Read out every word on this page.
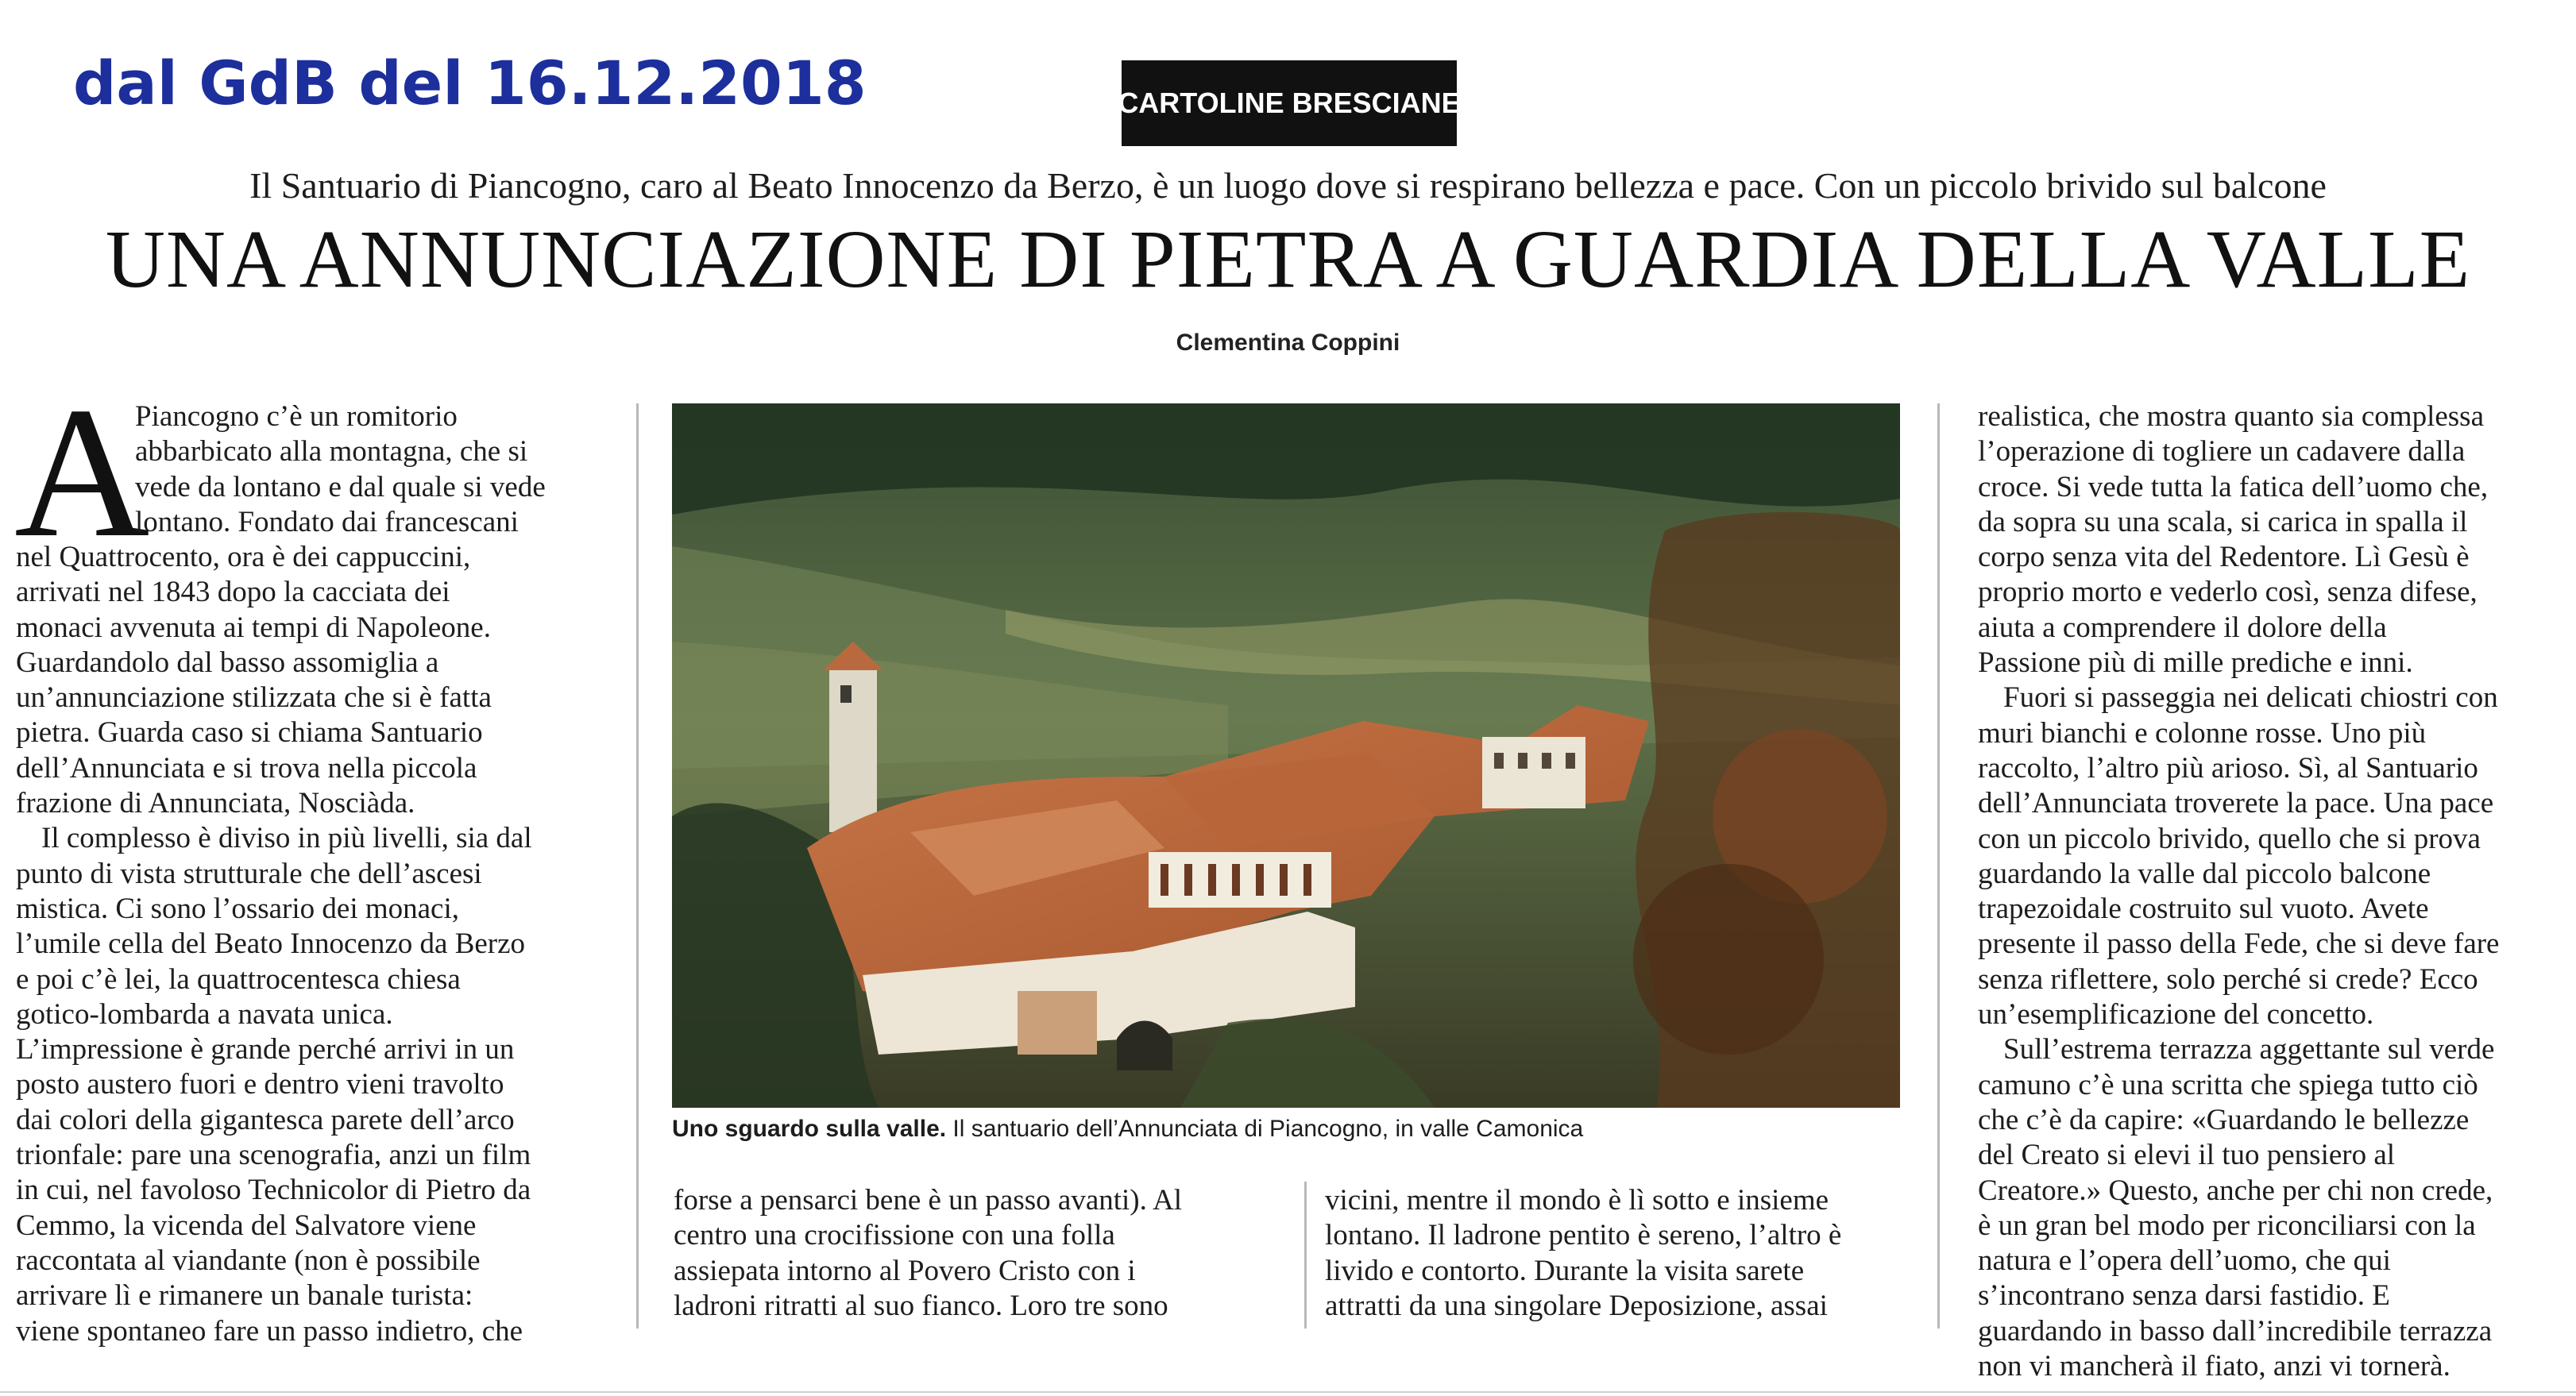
dal GdB del 16.12.2018	CARTOLINE BRESCIANE
Il Santuario di Piancogno, caro al Beato Innocenzo da Berzo, è un luogo dove si respirano bellezza e pace. Con un piccolo brivido sul balcone
UNA ANNUNCIAZIONE DI PIETRA A GUARDIA DELLA VALLE
Clementina Coppini
A

Piancogno c’è un romitorio

abbarbicato alla montagna, che si

vede da lontano e dal quale si vede

lontano. Fondato dai francescani

nel Quattrocento, ora è dei cappuccini,

arrivati nel 1843 dopo la cacciata dei

monaci avvenuta ai tempi di Napoleone.

Guardandolo dal basso assomiglia a

un’annunciazione stilizzata che si è fatta

pietra. Guarda caso si chiama Santuario

dell’Annunciata e si trova nella piccola

frazione di Annunciata, Nosciàda.

Il complesso è diviso in più livelli, sia dal

punto di vista strutturale che dell’ascesi

mistica. Ci sono l’ossario dei monaci,

l’umile cella del Beato Innocenzo da Berzo

e poi c’è lei, la quattrocentesca chiesa

gotico-lombarda a navata unica.

L’impressione è grande perché arrivi in un

posto austero fuori e dentro vieni travolto

dai colori della gigantesca parete dell’arco

trionfale: pare una scenografia, anzi un film

in cui, nel favoloso Technicolor di Pietro da

Cemmo, la vicenda del Salvatore viene

raccontata al viandante (non è possibile

arrivare lì e rimanere un banale turista:

viene spontaneo fare un passo indietro, che

Uno sguardo sulla valle. Il santuario dell’Annunciata di Piancogno, in valle Camonica

forse a pensarci bene è un passo avanti). Al

centro una crocifissione con una folla

assiepata intorno al Povero Cristo con i

ladroni ritratti al suo fianco. Loro tre sono

vicini, mentre il mondo è lì sotto e insieme

lontano. Il ladrone pentito è sereno, l’altro è

livido e contorto. Durante la visita sarete

attratti da una singolare Deposizione, assai

realistica, che mostra quanto sia complessa

l’operazione di togliere un cadavere dalla

croce. Si vede tutta la fatica dell’uomo che,

da sopra su una scala, si carica in spalla il

corpo senza vita del Redentore. Lì Gesù è

proprio morto e vederlo così, senza difese,

aiuta a comprendere il dolore della

Passione più di mille prediche e inni.

Fuori si passeggia nei delicati chiostri con

muri bianchi e colonne rosse. Uno più

raccolto, l’altro più arioso. Sì, al Santuario

dell’Annunciata troverete la pace. Una pace

con un piccolo brivido, quello che si prova

guardando la valle dal piccolo balcone

trapezoidale costruito sul vuoto. Avete

presente il passo della Fede, che si deve fare

senza riflettere, solo perché si crede? Ecco

un’esemplificazione del concetto.

Sull’estrema terrazza aggettante sul verde

camuno c’è una scritta che spiega tutto ciò

che c’è da capire: «Guardando le bellezze

del Creato si elevi il tuo pensiero al

Creatore.» Questo, anche per chi non crede,

è un gran bel modo per riconciliarsi con la

natura e l’opera dell’uomo, che qui

s’incontrano senza darsi fastidio. E

guardando in basso dall’incredibile terrazza

non vi mancherà il fiato, anzi vi tornerà.
